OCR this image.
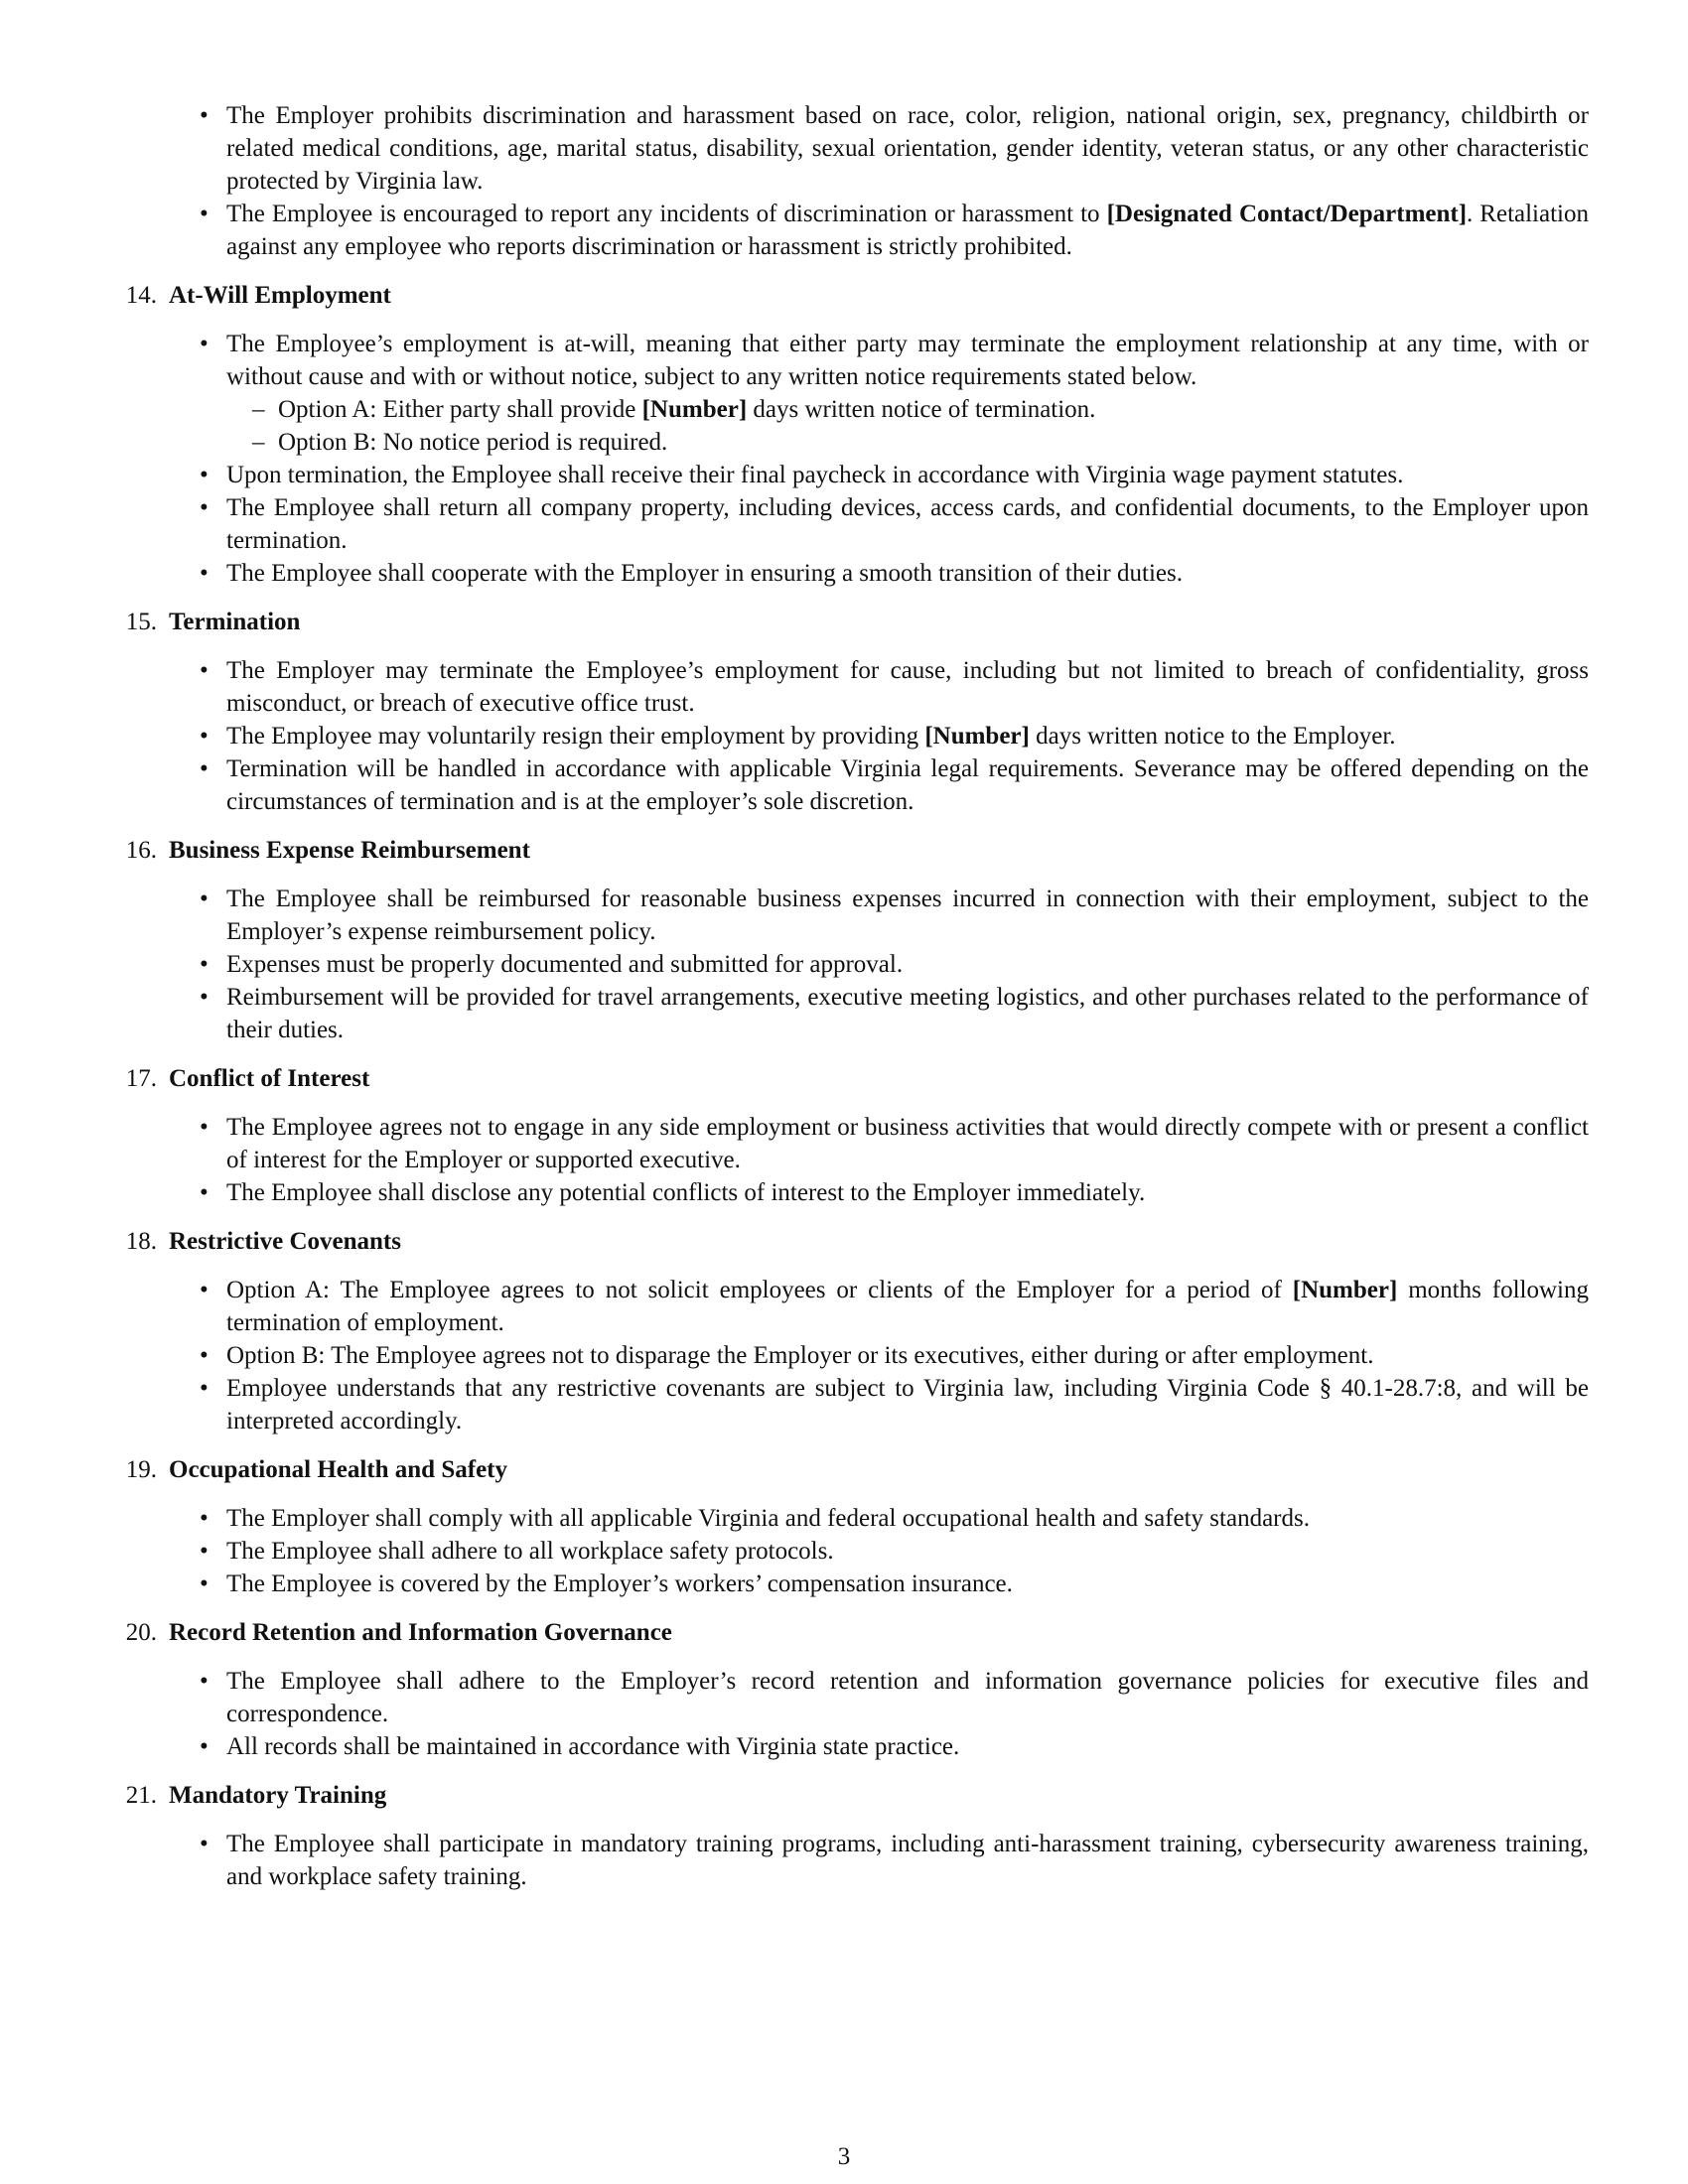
• The Employer prohibits discrimination and harassment based on race, color, religion, national origin, sex, pregnancy, childbirth or related medical conditions, age, marital status, disability, sexual orientation, gender identity, veteran status, or any other characteristic protected by Virginia law.
• The Employee is encouraged to report any incidents of discrimination or harassment to [Designated Contact/Department]. Retaliation against any employee who reports discrimination or harassment is strictly prohibited.
14. At-Will Employment
• The Employee’s employment is at-will, meaning that either party may terminate the employment relationship at any time, with or without cause and with or without notice, subject to any written notice requirements stated below.
– Option A: Either party shall provide [Number] days written notice of termination.
– Option B: No notice period is required.
• Upon termination, the Employee shall receive their final paycheck in accordance with Virginia wage payment statutes.
• The Employee shall return all company property, including devices, access cards, and confidential documents, to the Employer upon termination.
• The Employee shall cooperate with the Employer in ensuring a smooth transition of their duties.
15. Termination
• The Employer may terminate the Employee’s employment for cause, including but not limited to breach of confidentiality, gross misconduct, or breach of executive office trust.
• The Employee may voluntarily resign their employment by providing [Number] days written notice to the Employer.
• Termination will be handled in accordance with applicable Virginia legal requirements. Severance may be offered depending on the circumstances of termination and is at the employer’s sole discretion.
16. Business Expense Reimbursement
• The Employee shall be reimbursed for reasonable business expenses incurred in connection with their employment, subject to the Employer’s expense reimbursement policy.
• Expenses must be properly documented and submitted for approval.
• Reimbursement will be provided for travel arrangements, executive meeting logistics, and other purchases related to the performance of their duties.
17. Conflict of Interest
• The Employee agrees not to engage in any side employment or business activities that would directly compete with or present a conflict of interest for the Employer or supported executive.
• The Employee shall disclose any potential conflicts of interest to the Employer immediately.
18. Restrictive Covenants
• Option A: The Employee agrees to not solicit employees or clients of the Employer for a period of [Number] months following termination of employment.
• Option B: The Employee agrees not to disparage the Employer or its executives, either during or after employment.
• Employee understands that any restrictive covenants are subject to Virginia law, including Virginia Code § 40.1-28.7:8, and will be interpreted accordingly.
19. Occupational Health and Safety
• The Employer shall comply with all applicable Virginia and federal occupational health and safety standards.
• The Employee shall adhere to all workplace safety protocols.
• The Employee is covered by the Employer’s workers’ compensation insurance.
20. Record Retention and Information Governance
• The Employee shall adhere to the Employer’s record retention and information governance policies for executive files and correspondence.
• All records shall be maintained in accordance with Virginia state practice.
21. Mandatory Training
• The Employee shall participate in mandatory training programs, including anti-harassment training, cybersecurity awareness training, and workplace safety training.
3
